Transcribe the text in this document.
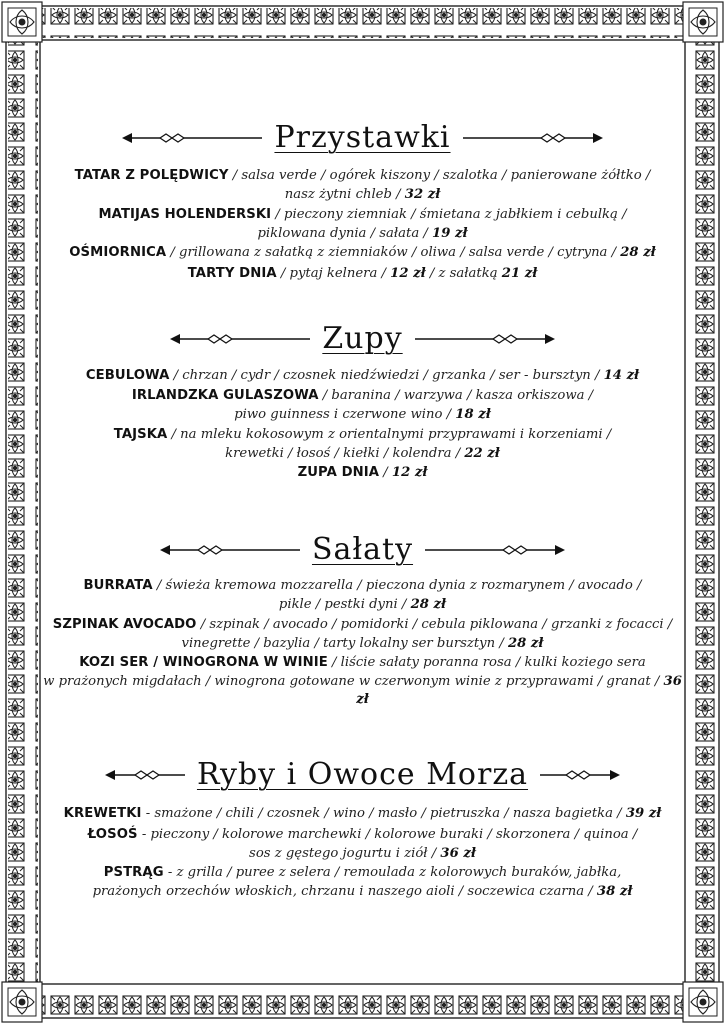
Przystawki
TATAR Z POLĘDWICY / salsa verde / ogórek kiszony / szalotka / panierowane żółtko /
nasz żytni chleb / 32 zł
MATIJAS HOLENDERSKI / pieczony ziemniak / śmietana z jabłkiem i cebulką /
piklowana dynia / sałata / 19 zł
OŚMIORNICA / grillowana z sałatką z ziemniaków / oliwa / salsa verde / cytryna / 28 zł
TARTY DNIA / pytaj kelnera / 12 zł / z sałatką 21 zł
Zupy
CEBULOWA / chrzan / cydr / czosnek niedźwiedzi / grzanka / ser - bursztyn / 14 zł
IRLANDZKA GULASZOWA / baranina / warzywa / kasza orkiszowa /
piwo guinness i czerwone wino / 18 zł
TAJSKA / na mleku kokosowym z orientalnymi przyprawami i korzeniami /
krewetki / łosoś / kiełki / kolendra / 22 zł
ZUPA DNIA / 12 zł
Sałaty
BURRATA / świeża kremowa mozzarella / pieczona dynia z rozmarynem / avocado /
pikle / pestki dyni / 28 zł
SZPINAK AVOCADO / szpinak / avocado / pomidorki / cebula piklowana / grzanki z focacci /
vinegrette / bazylia / tarty lokalny ser bursztyn / 28 zł
KOZI SER / WINOGRONA W WINIE / liście sałaty poranna rosa / kulki koziego sera
w prażonych migdałach / winogrona gotowane w czerwonym winie z przyprawami / granat / 36 zł
Ryby i Owoce Morza
KREWETKI - smażone / chili / czosnek / wino / masło / pietruszka / nasza bagietka / 39 zł
ŁOSOŚ - pieczony / kolorowe marchewki / kolorowe buraki / skorzonera / quinoa /
sos z gęstego jogurtu i ziół / 36 zł
PSTRĄG - z grilla / puree z selera / remoulada z kolorowych buraków, jabłka,
prażonych orzechów włoskich, chrzanu i naszego aioli / soczewica czarna / 38 zł
